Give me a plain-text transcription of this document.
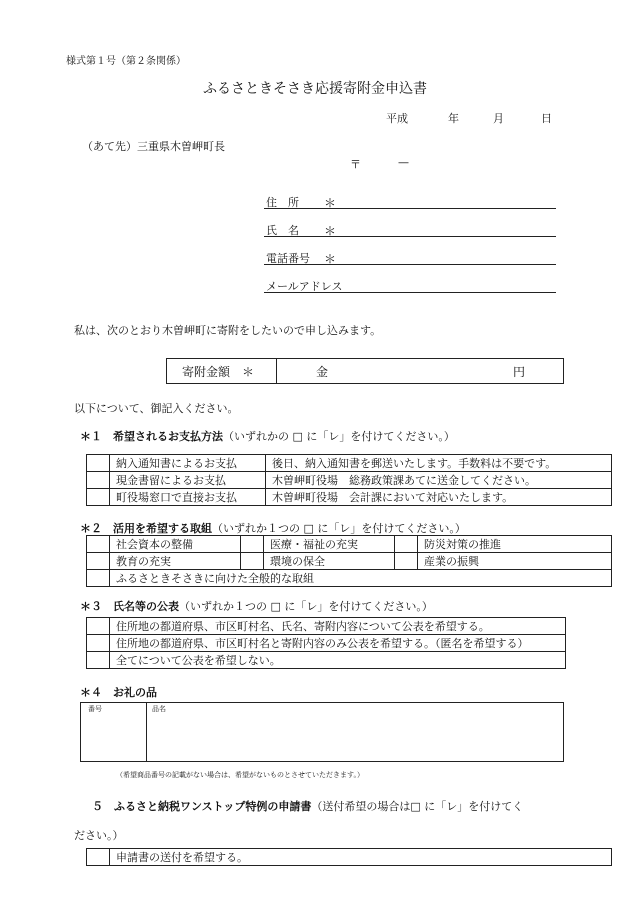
様式第１号（第２条関係）
ふるさときそさき応援寄附金申込書
平成	年	月	日
（あて先）三重県木曽岬町長
〒	—
住　所 ＊
氏　名 ＊
電話番号 ＊
メールアドレス
私は、次のとおり木曽岬町に寄附をしたいので申し込みます。
寄附金額　＊	金	円
以下について、御記入ください。
＊１　 希望されるお支払方法（いずれかの □ に「レ」を付けてください。）
	納入通知書によるお支払	後日、納入通知書を郵送いたします。手数料は不要です。
	現金書留によるお支払	木曽岬町役場　総務政策課あてに送金してください。
	町役場窓口で直接お支払	木曽岬町役場　会計課において対応いたします。
＊２　 活用を希望する取組（いずれか１つの □ に「レ」を付けてください。）
	社会資本の整備		医療・福祉の充実		防災対策の推進
	教育の充実		環境の保全		産業の振興
	ふるさときそさきに向けた全般的な取組				
＊３　 氏名等の公表（いずれか１つの □ に「レ」を付けてください。）
	住所地の都道府県、市区町村名、氏名、寄附内容について公表を希望する。
	住所地の都道府県、市区町村名と寄附内容のみ公表を希望する。（匿名を希望する）
	全てについて公表を希望しない。
＊４　 お礼の品
番号	品名
（希望商品番号の記載がない場合は、希望がないものとさせていただきます。）
５　 ふるさと納税ワンストップ特例の申請書（送付希望の場合は□ に「レ」を付けてく
ださい。）
	申請書の送付を希望する。
